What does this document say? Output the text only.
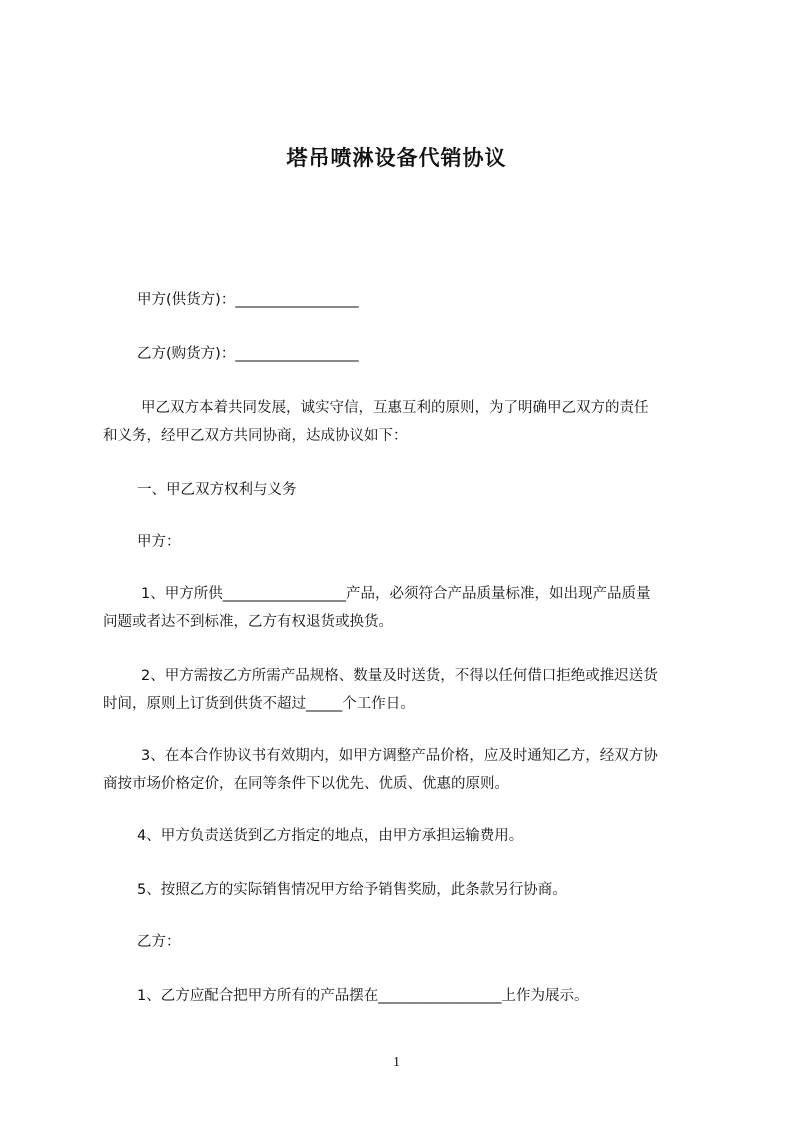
塔吊喷淋设备代销协议
甲方(供货方)：_________________
乙方(购货方)：_________________
甲乙双方本着共同发展，诚实守信，互惠互利的原则，为了明确甲乙双方的责任
和义务，经甲乙双方共同协商，达成协议如下：
一、甲乙双方权利与义务
甲方：
1、甲方所供_________________产品，必须符合产品质量标准，如出现产品质量
问题或者达不到标准，乙方有权退货或换货。
2、甲方需按乙方所需产品规格、数量及时送货，不得以任何借口拒绝或推迟送货
时间，原则上订货到供货不超过_____个工作日。
3、在本合作协议书有效期内，如甲方调整产品价格，应及时通知乙方，经双方协
商按市场价格定价，在同等条件下以优先、优质、优惠的原则。
4、甲方负责送货到乙方指定的地点，由甲方承担运输费用。
5、按照乙方的实际销售情况甲方给予销售奖励，此条款另行协商。
乙方：
1、乙方应配合把甲方所有的产品摆在_________________上作为展示。
1
